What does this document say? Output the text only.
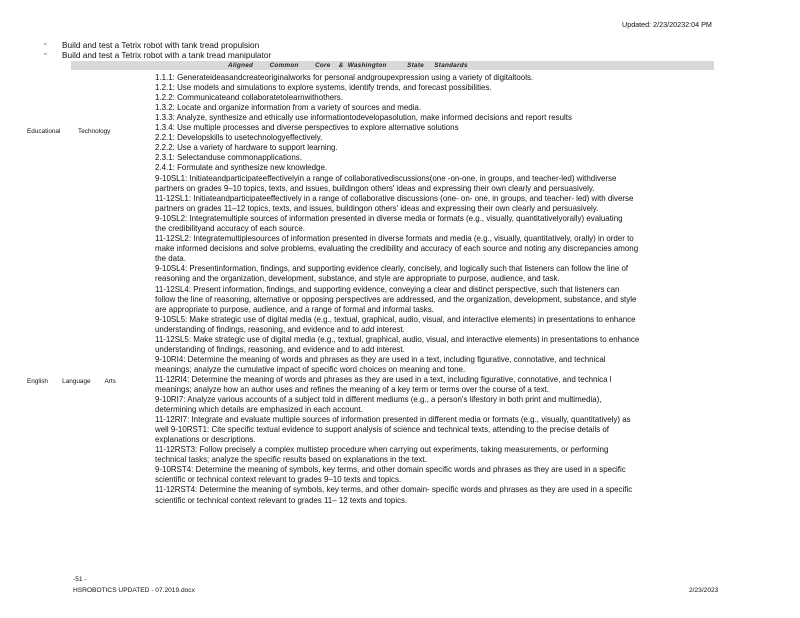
Updated: 2/23/20232:04 PM
▫	Build and test a Tetrix robot with tank tread propulsion
▫	Build and test a Tetrix robot with a tank tread manipulator
Aligned        Common        Core    &  Washington          State     Standards
Educational          Technology
1.1.1: Generateideasandcreateoriginalworks for personal andgroupexpression using a variety of digitaltools.
1.2.1: Use models and simulations to explore systems, identify trends, and forecast possibilities.
1.2.2: Communicateand collaboratetolearnwithothers.
1.3.2: Locate and organize information from a variety of sources and media.
1.3.3: Analyze, synthesize and ethically use informationtodevelopasolution, make informed decisions and report results
1.3.4: Use multiple processes and diverse perspectives to explore alternative solutions
2.2.1: Developskills to usetechnologyeffectively.
2.2.2: Use a variety of hardware to support learning.
2.3.1: Selectanduse commonapplications.
2.4.1: Formulate and synthesize new knowledge.
English        Language        Arts
9-10SL1: Initiateandparticipateeffectivelyin a range of collaborativediscussions(one -on-one, in groups, and teacher-led) withdiverse
partners on grades 9–10 topics, texts, and issues, buildingon others' ideas and expressing their own clearly and persuasively.
11-12SL1: Initiateandparticipateeffectively in a range of collaborative discussions (one- on- one, in groups, and teacher- led) with diverse
partners on grades 11–12 topics, texts, and issues, buildingon others' ideas and expressing their own clearly and persuasively.
9-10SL2: Integratemultiple sources of information presented in diverse media or formats (e.g., visually, quantitativelyorally) evaluating
the credibilityand accuracy of each source.
11-12SL2: Integratemultiplesources of information presented in diverse formats and media (e.g., visually, quantitatively, orally) in order to
make informed decisions and solve problems, evaluating the credibility and accuracy of each source and noting any discrepancies among
the data.
9-10SL4: Presentinformation, findings, and supporting evidence clearly, concisely, and logically such that listeners can follow the line of
reasoning and the organization, development, substance, and style are appropriate to purpose, audience, and task.
11-12SL4: Present information, findings, and supporting evidence, conveying a clear and distinct perspective, such that listeners can
follow the line of reasoning, alternative or opposing perspectives are addressed, and the organization, development, substance, and style
are appropriate to purpose, audience, and a range of formal and informal tasks.
9-10SL5: Make strategic use of digital media (e.g., textual, graphical, audio, visual, and interactive elements) in presentations to enhance
understanding of findings, reasoning, and evidence and to add interest.
11-12SL5: Make strategic use of digital media (e.g., textual, graphical, audio, visual, and interactive elements) in presentations to enhance
understanding of findings, reasoning, and evidence and to add interest.
9-10RI4: Determine the meaning of words and phrases as they are used in a text, including figurative, connotative, and technical
meanings; analyze the cumulative impact of specific word choices on meaning and tone.
11-12RI4: Determine the meaning of words and phrases as they are used in a text, including figurative, connotative, and technica l
meanings; analyze how an author uses and refines the meaning of a key term or terms over the course of a text.
9-10RI7: Analyze various accounts of a subject told in different mediums (e.g., a person's lifestory in both print and multimedia),
determining which details are emphasized in each account.
11-12RI7: Integrate and evaluate multiple sources of information presented in different media or formats (e.g., visually, quantitatively) as
well 9-10RST1: Cite specific textual evidence to support analysis of science and technical texts, attending to the precise details of
explanations or descriptions.
11-12RST3: Follow precisely a complex multistep procedure when carrying out experiments, taking measurements, or performing
technical tasks; analyze the specific results based on explanations in the text.
9-10RST4: Determine the meaning of symbols, key terms, and other domain specific words and phrases as they are used in a specific
scientific or technical context relevant to grades 9–10 texts and topics.
11-12RST4: Determine the meaning of symbols, key terms, and other domain- specific words and phrases as they are used in a specific
scientific or technical context relevant to grades 11– 12 texts and topics.
-51 -
HSROBOTICS UPDATED - 07.2019.docx	2/23/2023
